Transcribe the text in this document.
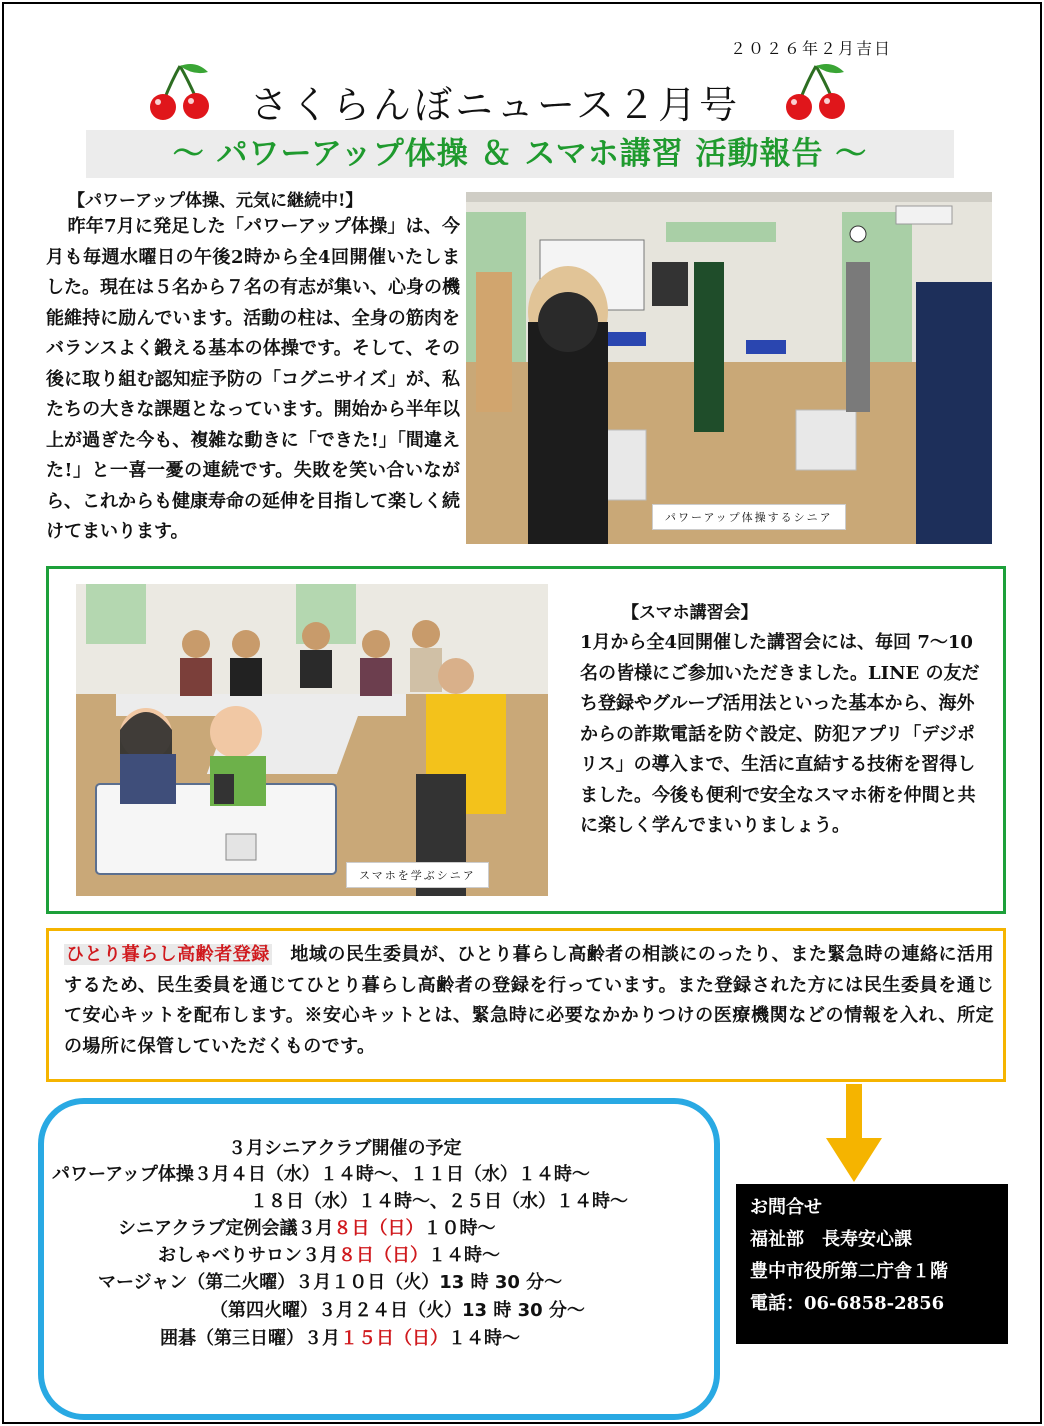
２０２６年２月吉日
さくらんぼニュース２月号
～ パワーアップ体操 ＆ スマホ講習 活動報告 ～
【パワーアップ体操、元気に継続中!】
昨年7月に発足した「パワーアップ体操」は、今月も毎週水曜日の午後2時から全4回開催いたしました。現在は５名から７名の有志が集い、心身の機能維持に励んでいます。活動の柱は、全身の筋肉をバランスよく鍛える基本の体操です。そして、その後に取り組む認知症予防の「コグニサイズ」が、私たちの大きな課題となっています。開始から半年以上が過ぎた今も、複雑な動きに「できた!」「間違えた!」と一喜一憂の連続です。失敗を笑い合いながら、これからも健康寿命の延伸を目指して楽しく続けてまいります。
パワーアップ体操するシニア
スマホを学ぶシニア
【スマホ講習会】
1月から全4回開催した講習会には、毎回 7～10 名の皆様にご参加いただきました。LINE の友だち登録やグループ活用法といった基本から、海外からの詐欺電話を防ぐ設定、防犯アプリ「デジポリス」の導入まで、生活に直結する技術を習得しました。今後も便利で安全なスマホ術を仲間と共に楽しく学んでまいりましょう。
ひとり暮らし高齢者登録　 地域の民生委員が、ひとり暮らし高齢者の相談にのったり、また緊急時の連絡に活用するため、民生委員を通じてひとり暮らし高齢者の登録を行っています。また登録された方には民生委員を通じて安心キットを配布します。※安心キットとは、緊急時に必要なかかりつけの医療機関などの情報を入れ、所定の場所に保管していただくものです。
３月シニアクラブ開催の予定
パワーアップ体操３月４日（水）１４時～、１１日（水）１４時～
１８日（水）１４時～、２５日（水）１４時～
シニアクラブ定例会議３月８日（日）１０時～
おしゃべりサロン３月８日（日）１４時～
マージャン（第二火曜）３月１０日（火）13 時 30 分～
（第四火曜）３月２４日（火）13 時 30 分～
囲碁（第三日曜）３月１５日（日）１４時～
お問合せ
福祉部　長寿安心課
豊中市役所第二庁舎１階
電話：06-6858-2856
